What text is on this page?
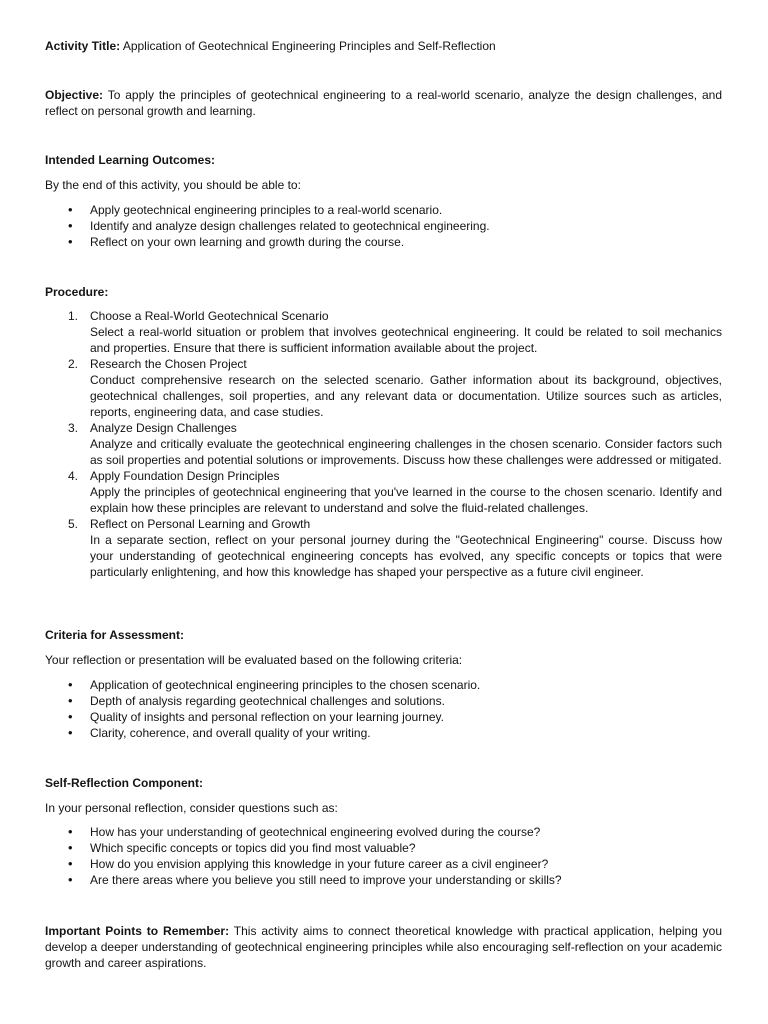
Activity Title: Application of Geotechnical Engineering Principles and Self-Reflection

Objective: To apply the principles of geotechnical engineering to a real-world scenario, analyze the design challenges, and reflect on personal growth and learning.

Intended Learning Outcomes:
By the end of this activity, you should be able to:
• Apply geotechnical engineering principles to a real-world scenario.
• Identify and analyze design challenges related to geotechnical engineering.
• Reflect on your own learning and growth during the course.
Procedure:
1. Choose a Real-World Geotechnical Scenario

Select a real-world situation or problem that involves geotechnical engineering. It could be related to soil mechanics and properties. Ensure that there is sufficient information available about the project.

2. Research the Chosen Project

Conduct comprehensive research on the selected scenario. Gather information about its background, objectives, geotechnical challenges, soil properties, and any relevant data or documentation. Utilize sources such as articles, reports, engineering data, and case studies.

3. Analyze Design Challenges

Analyze and critically evaluate the geotechnical engineering challenges in the chosen scenario. Consider factors such as soil properties and potential solutions or improvements. Discuss how these challenges were addressed or mitigated.

4. Apply Foundation Design Principles

Apply the principles of geotechnical engineering that you've learned in the course to the chosen scenario. Identify and explain how these principles are relevant to understand and solve the fluid-related challenges.

5. Reflect on Personal Learning and Growth

In a separate section, reflect on your personal journey during the "Geotechnical Engineering" course. Discuss how your understanding of geotechnical engineering concepts has evolved, any specific concepts or topics that were particularly enlightening, and how this knowledge has shaped your perspective as a future civil engineer.

Criteria for Assessment:
Your reflection or presentation will be evaluated based on the following criteria:
• Application of geotechnical engineering principles to the chosen scenario.
• Depth of analysis regarding geotechnical challenges and solutions.
• Quality of insights and personal reflection on your learning journey.
• Clarity, coherence, and overall quality of your writing.
Self-Reflection Component:
In your personal reflection, consider questions such as:
• How has your understanding of geotechnical engineering evolved during the course?
• Which specific concepts or topics did you find most valuable?
• How do you envision applying this knowledge in your future career as a civil engineer?
• Are there areas where you believe you still need to improve your understanding or skills?

Important Points to Remember: This activity aims to connect theoretical knowledge with practical application, helping you develop a deeper understanding of geotechnical engineering principles while also encouraging self-reflection on your academic growth and career aspirations.
